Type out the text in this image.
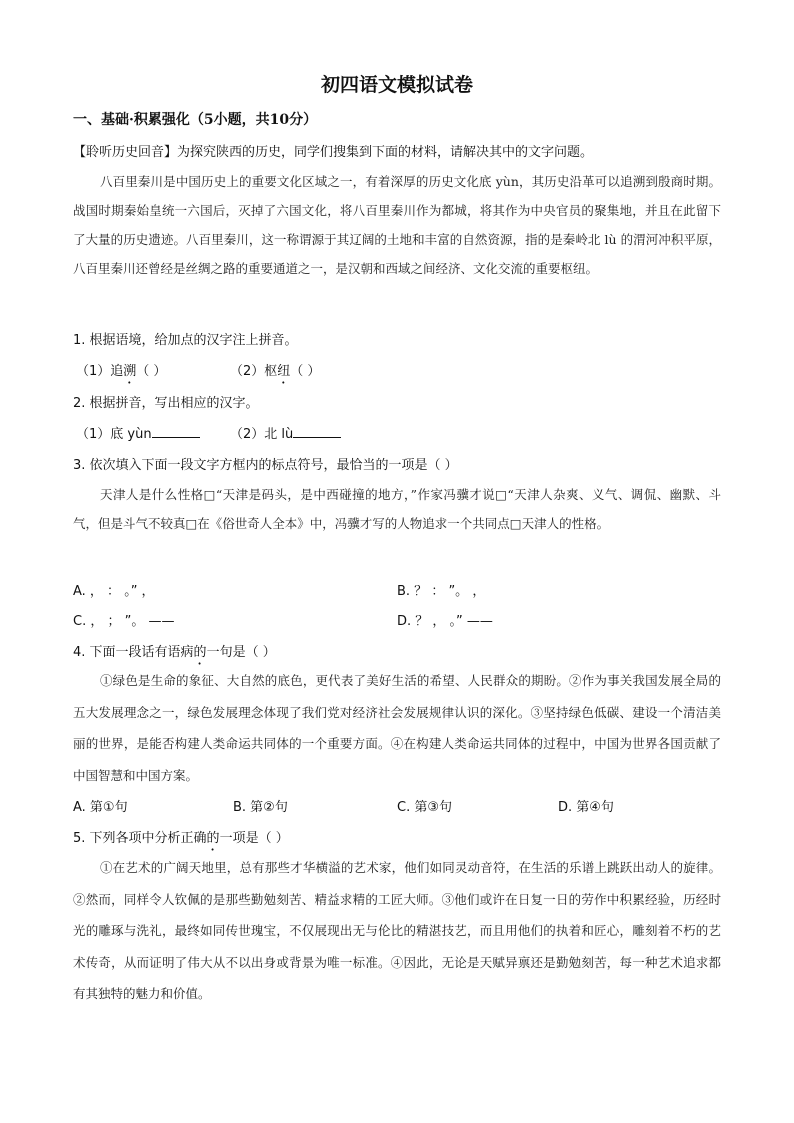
初四语文模拟试卷
一、基础·积累强化（5小题，共10分）
【聆听历史回音】为探究陕西的历史，同学们搜集到下面的材料，请解决其中的文字问题。
八百里秦川是中国历史上的重要文化区域之一，有着深厚的历史文化底 yùn，其历史沿革可以追溯到殷商时期。战国时期秦始皇统一六国后，灭掉了六国文化，将八百里秦川作为都城，将其作为中央官员的聚集地，并且在此留下了大量的历史遗迹。八百里秦川，这一称谓源于其辽阔的土地和丰富的自然资源，指的是秦岭北 lù 的渭河冲积平原，八百里秦川还曾经是丝绸之路的重要通道之一，是汉朝和西域之间经济、文化交流的重要枢纽。
1. 根据语境，给加点的汉字注上拼音。
（1）追溯（ ）	（2）枢纽（ ）
2. 根据拼音，写出相应的汉字。
（1）底 yùn	（2）北 lù
3. 依次填入下面一段文字方框内的标点符号，最恰当的一项是（ ）
天津人是什么性格□“天津是码头，是中西碰撞的地方，”作家冯骥才说□“天津人杂爽、义气、调侃、幽默、斗气，但是斗气不较真□在《俗世奇人全本》中，冯骥才写的人物追求一个共同点□天津人的性格。
A. ， ： 。” ，	B. ？ ： ”。 ，
C. ， ； ”。 ——	D. ？ ， 。” ——
4. 下面一段话有语病的一句是（ ）
①绿色是生命的象征、大自然的底色，更代表了美好生活的希望、人民群众的期盼。②作为事关我国发展全局的五大发展理念之一，绿色发展理念体现了我们党对经济社会发展规律认识的深化。③坚持绿色低碳、建设一个清洁美丽的世界，是能否构建人类命运共同体的一个重要方面。④在构建人类命运共同体的过程中，中国为世界各国贡献了中国智慧和中国方案。
A. 第①句	B. 第②句	C. 第③句	D. 第④句
5. 下列各项中分析正确的一项是（ ）
①在艺术的广阔天地里，总有那些才华横溢的艺术家，他们如同灵动音符，在生活的乐谱上跳跃出动人的旋律。②然而，同样令人钦佩的是那些勤勉刻苦、精益求精的工匠大师。③他们或许在日复一日的劳作中积累经验，历经时光的雕琢与洗礼，最终如同传世瑰宝，不仅展现出无与伦比的精湛技艺，而且用他们的执着和匠心，雕刻着不朽的艺术传奇，从而证明了伟大从不以出身或背景为唯一标准。④因此，无论是天赋异禀还是勤勉刻苦，每一种艺术追求都有其独特的魅力和价值。
